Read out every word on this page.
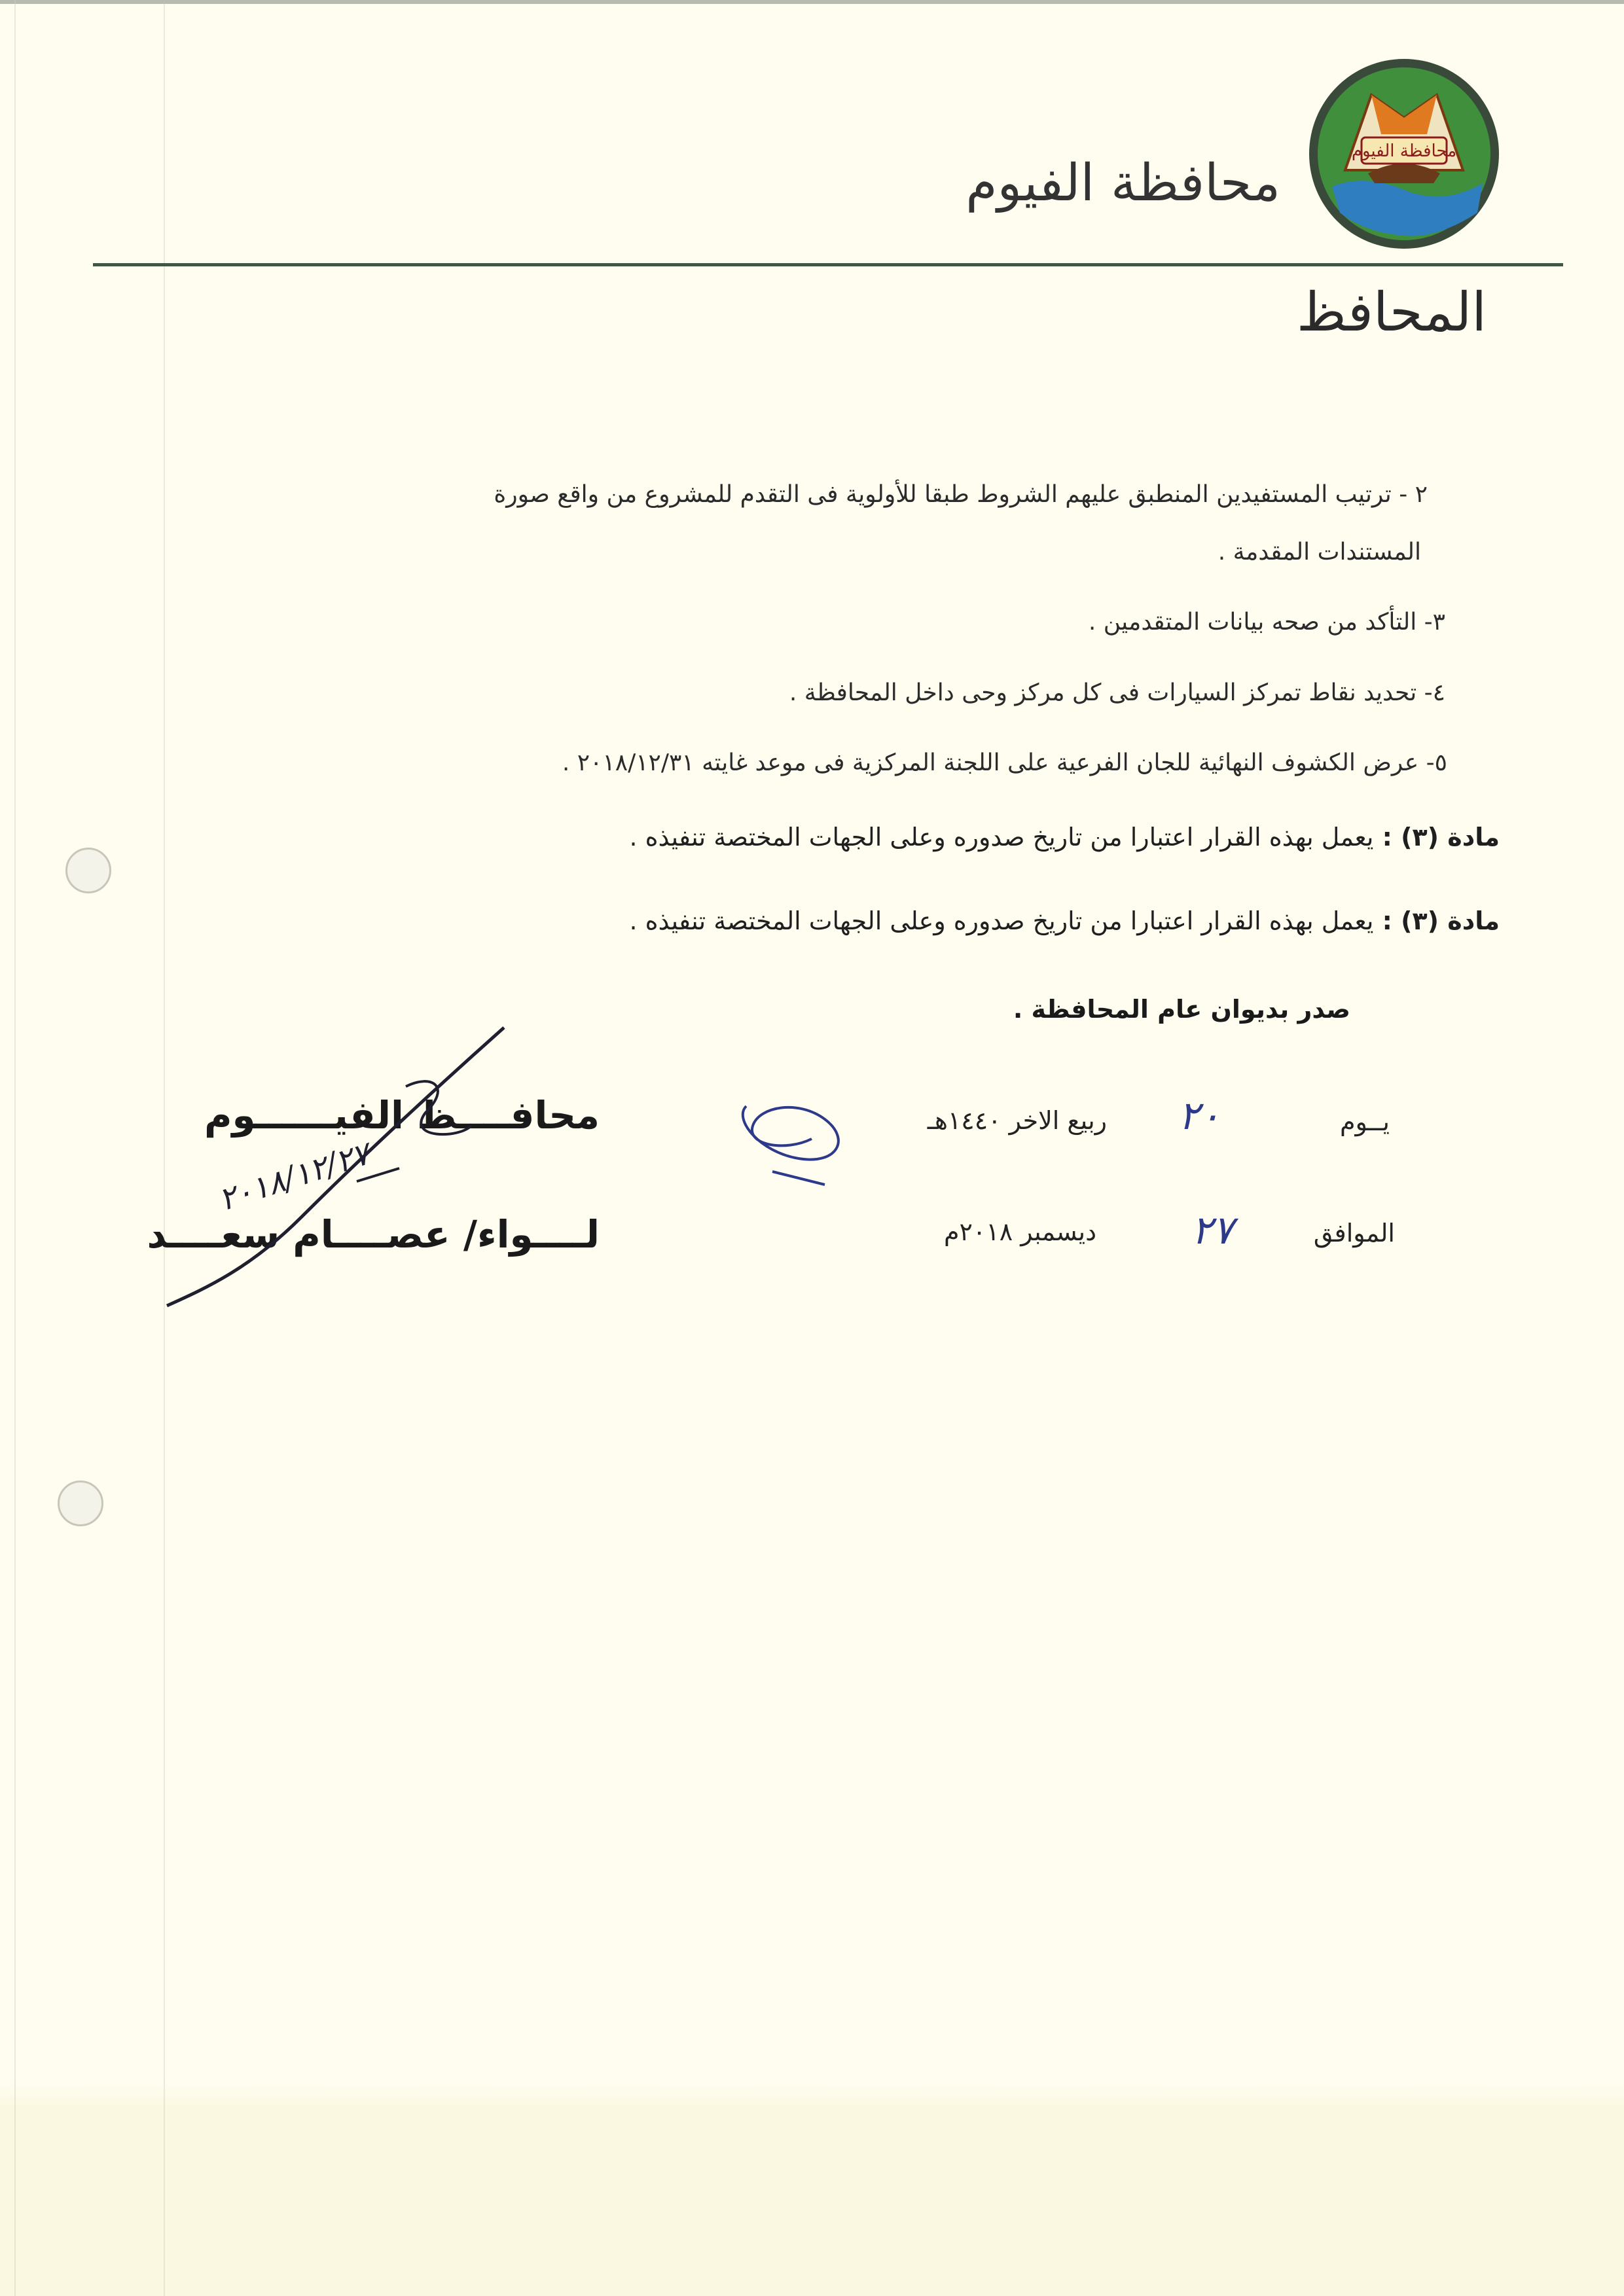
محافظة الفيوم
محافظة الفيوم
المحافظ
٢ - ترتيب المستفيدين المنطبق عليهم الشروط طبقا للأولوية فى التقدم للمشروع من واقع صورة
المستندات المقدمة .
٣- التأكد من صحه بيانات المتقدمين .
٤- تحديد نقاط تمركز السيارات فى كل مركز وحى داخل المحافظة .
٥- عرض الكشوف النهائية للجان الفرعية على اللجنة المركزية فى موعد غايته ٢٠١٨/١٢/٣١ .
مادة (٣) : يعمل بهذه القرار اعتبارا من تاريخ صدوره وعلى الجهات المختصة تنفيذه .
مادة (٣) : يعمل بهذه القرار اعتبارا من تاريخ صدوره وعلى الجهات المختصة تنفيذه .
صدر بديوان عام المحافظة .
يــوم
٢٠
ربيع الاخر ١٤٤٠هـ
الموافق
٢٧
ديسمبر ٢٠١٨م
محافــــظ الفيــــــوم
لــــواء/ عصــــام سعــــد
٢٠١٨/١٢/٢٧
